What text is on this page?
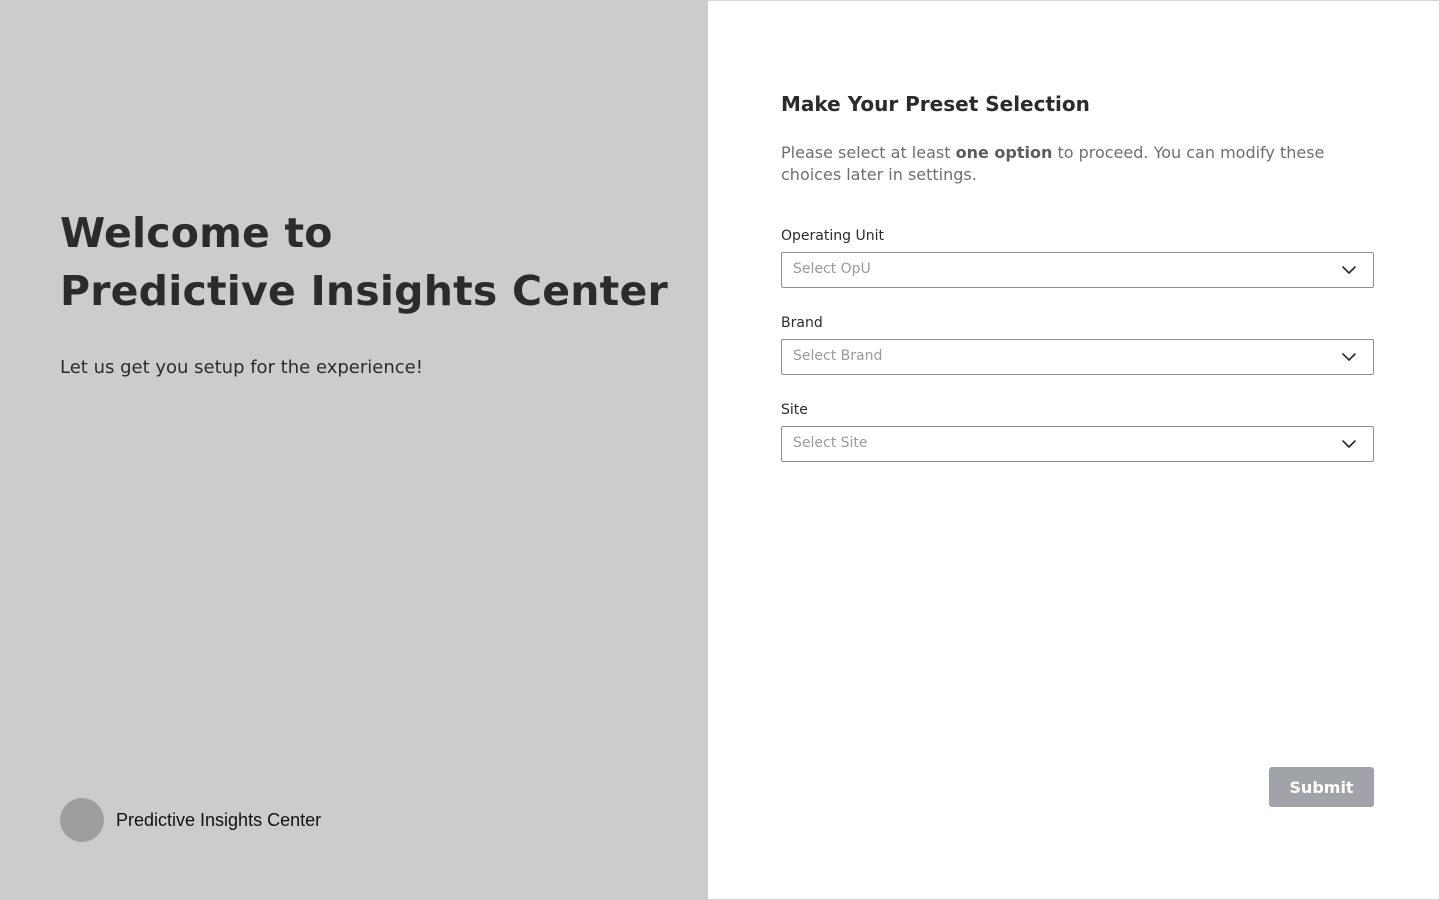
Welcome to
Predictive Insights Center

Let us get you setup for the experience!

Predictive Insights Center
Make Your Preset Selection

Please select at least one option to proceed. You can modify these choices later in settings.

Operating Unit
Select OpU
Brand
Select Brand
Site
Select Site
Submit
